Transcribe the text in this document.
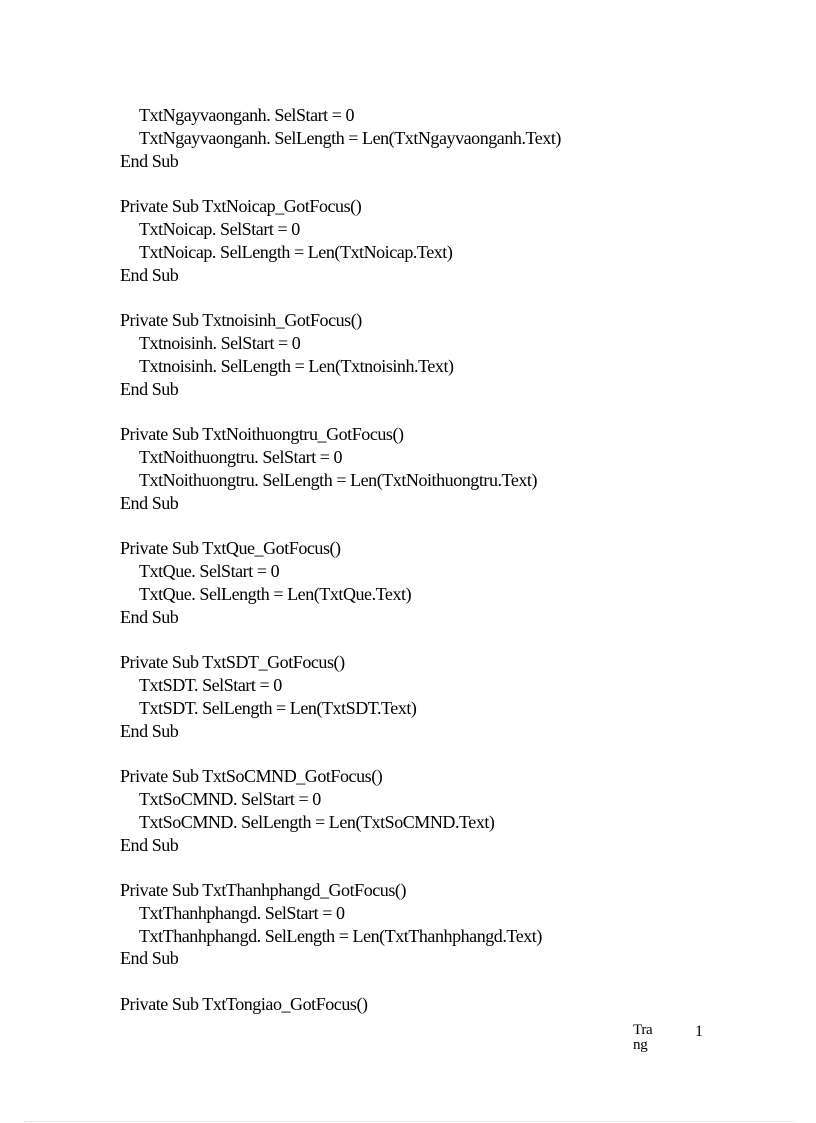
TxtNgayvaonganh. SelStart = 0
TxtNgayvaonganh. SelLength = Len(TxtNgayvaonganh.Text)
End Sub
Private Sub TxtNoicap_GotFocus()
TxtNoicap. SelStart = 0
TxtNoicap. SelLength = Len(TxtNoicap.Text)
End Sub
Private Sub Txtnoisinh_GotFocus()
Txtnoisinh. SelStart = 0
Txtnoisinh. SelLength = Len(Txtnoisinh.Text)
End Sub
Private Sub TxtNoithuongtru_GotFocus()
TxtNoithuongtru. SelStart = 0
TxtNoithuongtru. SelLength = Len(TxtNoithuongtru.Text)
End Sub
Private Sub TxtQue_GotFocus()
TxtQue. SelStart = 0
TxtQue. SelLength = Len(TxtQue.Text)
End Sub
Private Sub TxtSDT_GotFocus()
TxtSDT. SelStart = 0
TxtSDT. SelLength = Len(TxtSDT.Text)
End Sub
Private Sub TxtSoCMND_GotFocus()
TxtSoCMND. SelStart = 0
TxtSoCMND. SelLength = Len(TxtSoCMND.Text)
End Sub
Private Sub TxtThanhphangd_GotFocus()
TxtThanhphangd. SelStart = 0
TxtThanhphangd. SelLength = Len(TxtThanhphangd.Text)
End Sub
Private Sub TxtTongiao_GotFocus()
Trang
1
